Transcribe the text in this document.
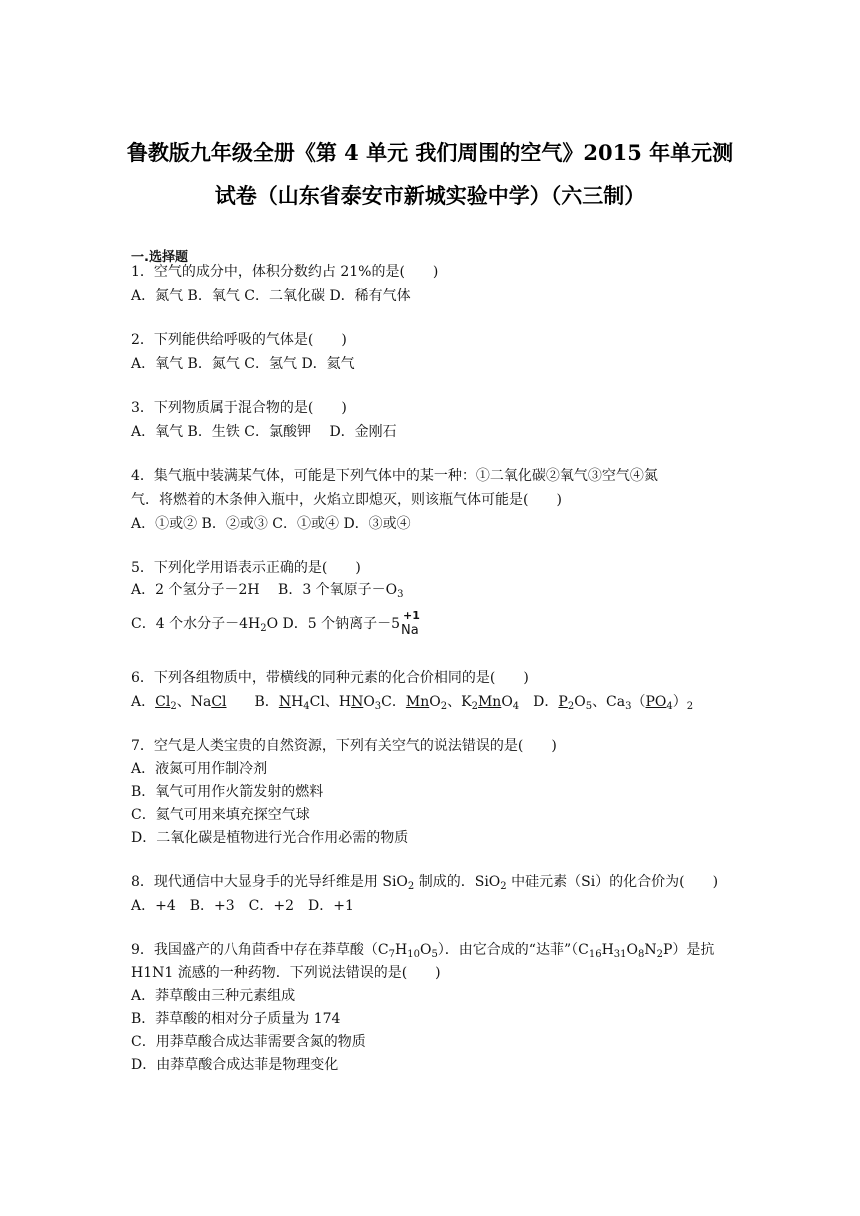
鲁教版九年级全册《第 4 单元 我们周围的空气》2015 年单元测
试卷（山东省泰安市新城实验中学）（六三制）
一.选择题
1．空气的成分中，体积分数约占 21%的是(　　)
A．氮气 B．氧气 C．二氧化碳 D．稀有气体
2．下列能供给呼吸的气体是(　　)
A．氧气 B．氮气 C．氢气 D．氦气
3．下列物质属于混合物的是(　　)
A．氧气 B．生铁 C．氯酸钾　 D．金刚石
4．集气瓶中装满某气体，可能是下列气体中的某一种：①二氧化碳②氧气③空气④氮
气．将燃着的木条伸入瓶中，火焰立即熄灭，则该瓶气体可能是(　　)
A．①或② B．②或③ C．①或④ D．③或④
5．下列化学用语表示正确的是(　　)
A．2 个氢分子－2H　 B．3 个氧原子$-O_3$
C．4 个水分子$-4H_2O$ D．5 个钠离子－5
+1
Na
6．下列各组物质中，带横线的同种元素的化合价相同的是(　　)
A．$Cl_2$、NaCl　　B．$NH_4Cl$、$HNO_3C$．MnO$_2$、$K_2MnO_4$　D．$P_2O_5$、$Ca_3(PO_4)_2$
7．空气是人类宝贵的自然资源，下列有关空气的说法错误的是(　　)
A．液氮可用作制冷剂
B．氧气可用作火箭发射的燃料
C．氦气可用来填充探空气球
D．二氧化碳是植物进行光合作用必需的物质
8．现代通信中大显身手的光导纤维是用 SiO$_2$ 制成的．SiO$_2$ 中硅元素（Si）的化合价为(　　)
A．+4　B．+3　C．+2　D．+1
9．我国盛产的八角茴香中存在莽草酸$(C_7H_{10}O_5)$．由它合成的“达菲$”(C_{16}H_{31}O_8N_2P)$是抗
H1N1 流感的一种药物．下列说法错误的是(　　)
A．莽草酸由三种元素组成
B．莽草酸的相对分子质量为 174
C．用莽草酸合成达菲需要含氮的物质
D．由莽草酸合成达菲是物理变化
